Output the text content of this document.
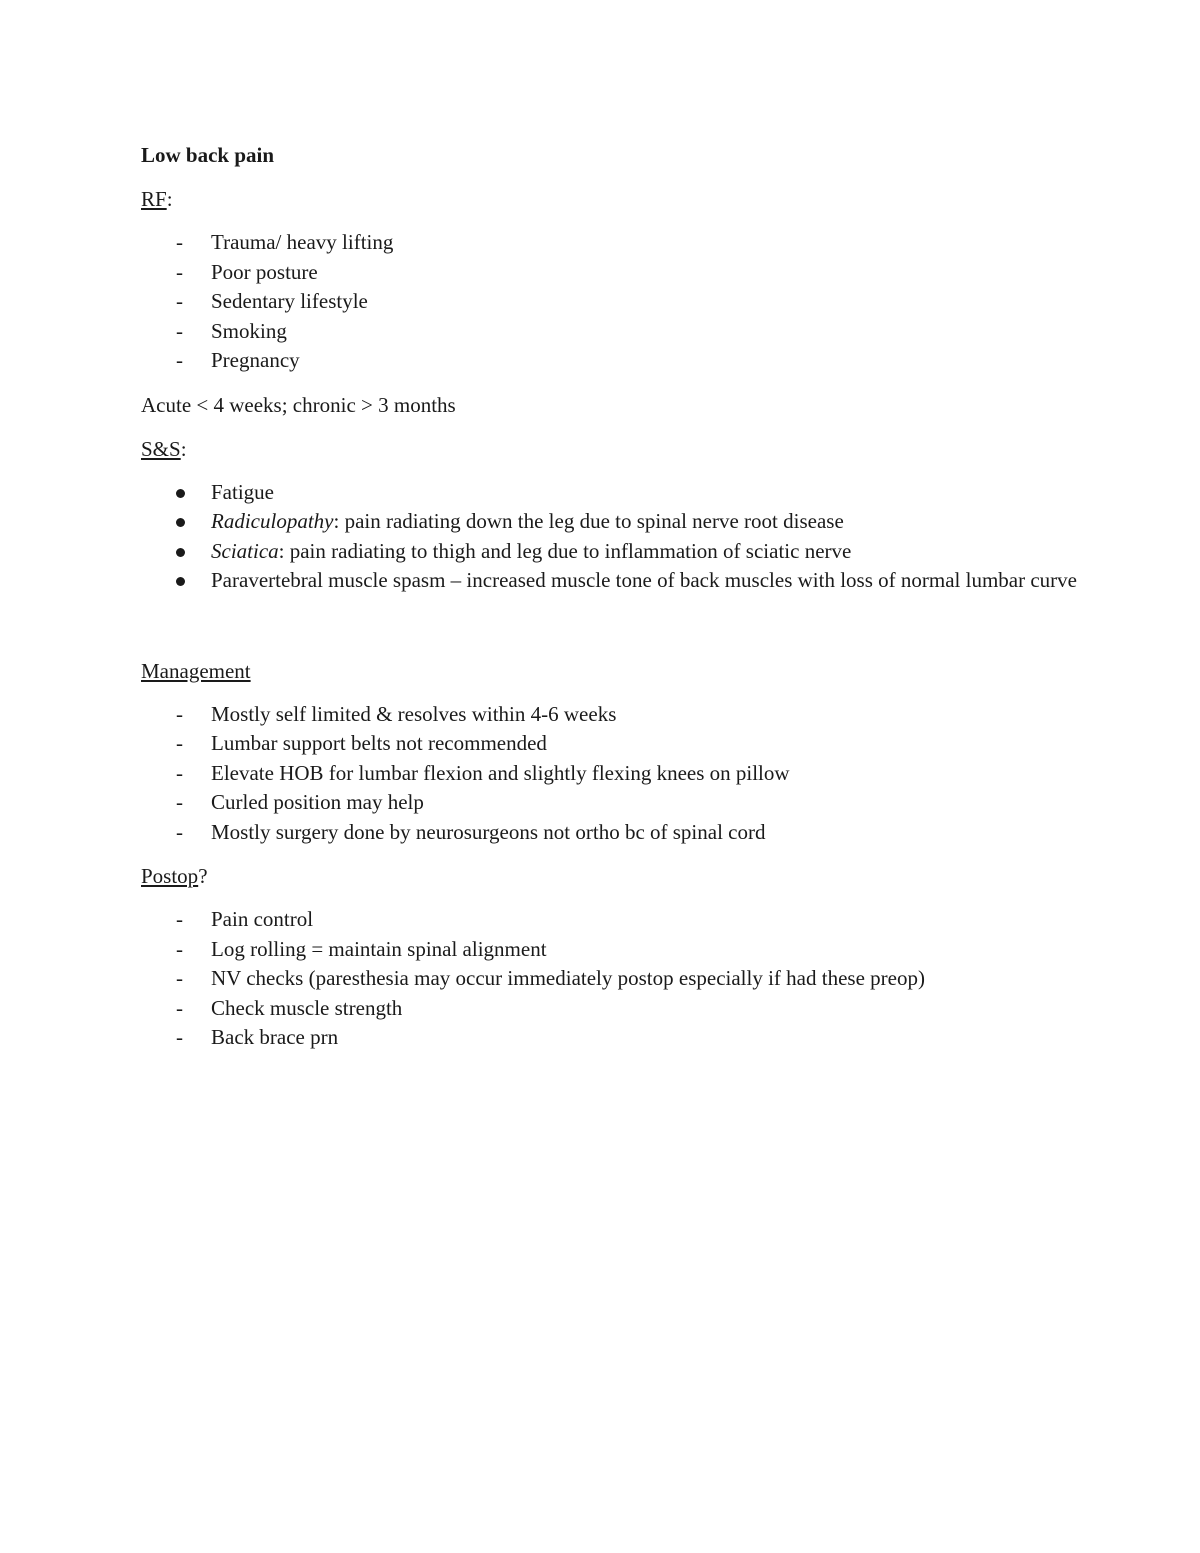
Low back pain
RF:
- Trauma/ heavy lifting
- Poor posture
- Sedentary lifestyle
- Smoking
- Pregnancy
Acute < 4 weeks; chronic > 3 months
S&S:
Fatigue
Radiculopathy: pain radiating down the leg due to spinal nerve root disease
Sciatica: pain radiating to thigh and leg due to inflammation of sciatic nerve
Paravertebral muscle spasm – increased muscle tone of back muscles with loss of normal lumbar curve
Management
- Mostly self limited & resolves within 4-6 weeks
- Lumbar support belts not recommended
- Elevate HOB for lumbar flexion and slightly flexing knees on pillow
- Curled position may help
- Mostly surgery done by neurosurgeons not ortho bc of spinal cord
Postop?
- Pain control
- Log rolling = maintain spinal alignment
- NV checks (paresthesia may occur immediately postop especially if had these preop)
- Check muscle strength
- Back brace prn
